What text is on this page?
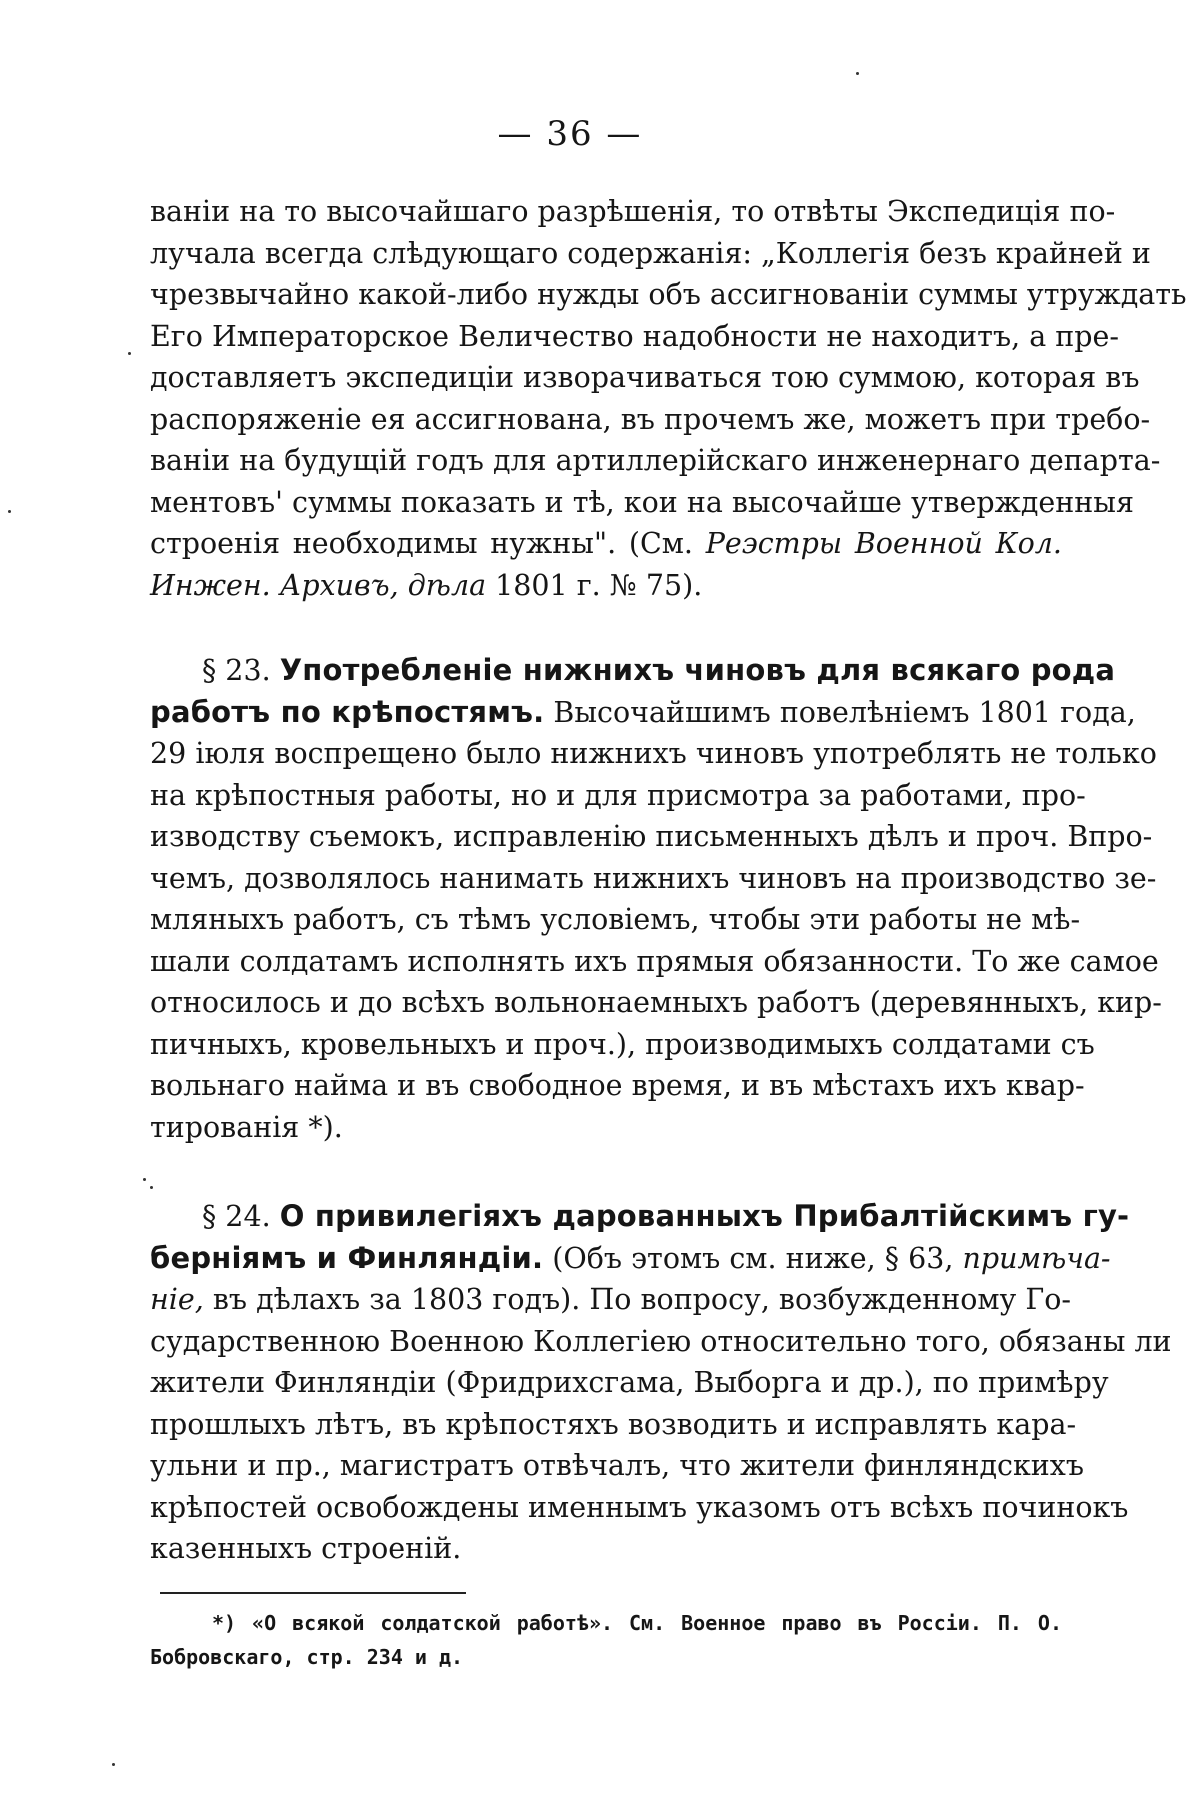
— 36 —
ваніи на то высочайшаго разрѣшенія, то отвѣты Экспедиція по-
лучала всегда слѣдующаго содержанія: „Коллегія безъ крайней и
чрезвычайно какой-либо нужды объ ассигнованіи суммы утруждать
Его Императорское Величество надобности не находитъ, а пре-
доставляетъ экспедиціи изворачиваться тою суммою, которая въ
распоряженіе ея ассигнована, въ прочемъ же, можетъ при требо-
ваніи на будущій годъ для артиллерійскаго инженернаго департа-
ментовъ' суммы показать и тѣ, кои на высочайше утвержденныя
строенія необходимы нужны". (См. Реэстры Военной Кол.
Инжен. Архивъ, дѣла 1801 г. № 75).
§ 23. Употребленіе нижнихъ чиновъ для всякаго рода
работъ по крѣпостямъ. Высочайшимъ повелѣніемъ 1801 года,
29 іюля воспрещено было нижнихъ чиновъ употреблять не только
на крѣпостныя работы, но и для присмотра за работами, про-
изводству съемокъ, исправленію письменныхъ дѣлъ и проч. Впро-
чемъ, дозволялось нанимать нижнихъ чиновъ на производство зе-
мляныхъ работъ, съ тѣмъ условіемъ, чтобы эти работы не мѣ-
шали солдатамъ исполнять ихъ прямыя обязанности. То же самое
относилось и до всѣхъ вольнонаемныхъ работъ (деревянныхъ, кир-
пичныхъ, кровельныхъ и проч.), производимыхъ солдатами съ
вольнаго найма и въ свободное время, и въ мѣстахъ ихъ квар-
тированія *).
§ 24. О привилегіяхъ дарованныхъ Прибалтійскимъ гу-
берніямъ и Финляндіи. (Объ этомъ см. ниже, § 63, примѣча-
ніе, въ дѣлахъ за 1803 годъ). По вопросу, возбужденному Го-
сударственною Военною Коллегіею относительно того, обязаны ли
жители Финляндіи (Фридрихсгама, Выборга и др.), по примѣру
прошлыхъ лѣтъ, въ крѣпостяхъ возводить и исправлять кара-
ульни и пр., магистратъ отвѣчалъ, что жители финляндскихъ
крѣпостей освобождены именнымъ указомъ отъ всѣхъ починокъ
казенныхъ строеній.
*) «О всякой солдатской работѣ». См. Военное право въ Россіи. П. О.
Бобровскаго, стр. 234 и д.
